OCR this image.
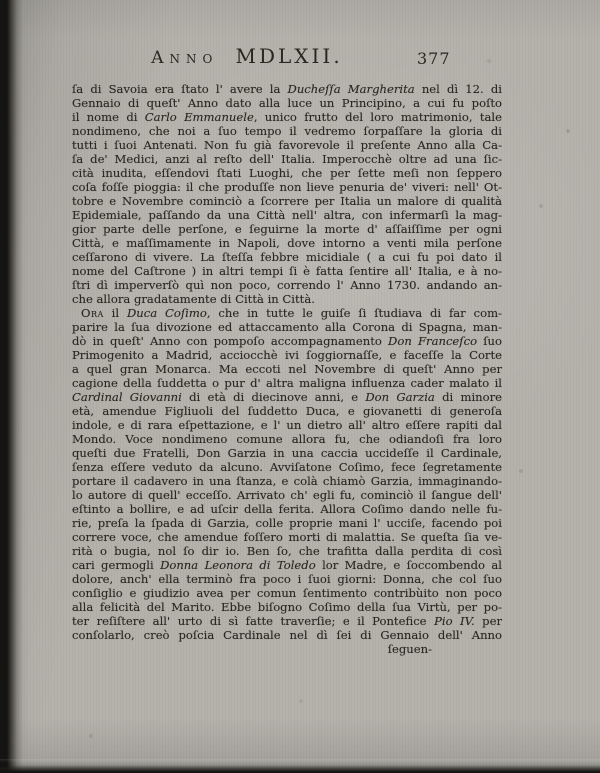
Anno MDLXII.	377
ſa di Savoia era ſtato l' avere la Ducheſſa Margherita nel dì 12. di
Gennaio di queſt' Anno dato alla luce un Principino, a cui fu poſto
il nome di Carlo Emmanuele, unico frutto del loro matrimonio, tale
nondimeno, che noi a ſuo tempo il vedremo ſorpaſſare la gloria di
tutti i ſuoi Antenati. Non fu già favorevole il preſente Anno alla Ca-
ſa de' Medici, anzi al reſto dell' Italia. Imperocchè oltre ad una ſic-
cità inudita, eſſendovi ſtati Luoghi, che per ſette meſi non ſeppero
coſa foſſe pioggia: il che produſſe non lieve penuria de' viveri: nell' Ot-
tobre e Novembre cominciò a ſcorrere per Italia un malore di qualità
Epidemiale, paſſando da una Città nell' altra, con infermarſi la mag-
gior parte delle perſone, e ſeguirne la morte d' aſſaiſſime per ogni
Città, e maſſimamente in Napoli, dove intorno a venti mila perſone
ceſſarono di vivere. La ſteſſa febbre micidiale ( a cui fu poi dato il
nome del Caſtrone ) in altri tempi ſi è fatta ſentire all' Italia, e à no-
ſtri dì imperverſò quì non poco, correndo l' Anno 1730. andando an-
che allora gradatamente di Città in Città.
Ora il Duca Coſimo, che in tutte le guiſe ſi ſtudiava di far com-
parire la ſua divozione ed attaccamento alla Corona di Spagna, man-
dò in queſt' Anno con pompoſo accompagnamento Don Franceſco ſuo
Primogenito a Madrid, acciocchè ivi ſoggiornaſſe, e faceſſe la Corte
a quel gran Monarca. Ma eccoti nel Novembre di queſt' Anno per
cagione della ſuddetta o pur d' altra maligna influenza cader malato il
Cardinal Giovanni di età di diecinove anni, e Don Garzia di minore
età, amendue Figliuoli del ſuddetto Duca, e giovanetti di generoſa
indole, e di rara eſpettazione, e l' un dietro all' altro eſſere rapiti dal
Mondo. Voce nondimeno comune allora fu, che odiandoſi fra loro
queſti due Fratelli, Don Garzia in una caccia uccideſſe il Cardinale,
ſenza eſſere veduto da alcuno. Avviſatone Coſimo, fece ſegretamente
portare il cadavero in una ſtanza, e colà chiamò Garzia, immaginando-
lo autore di quell' ecceſſo. Arrivato ch' egli fu, cominciò il ſangue dell'
eſtinto a bollire, e ad uſcir della ferita. Allora Coſimo dando nelle fu-
rie, preſa la ſpada di Garzia, colle proprie mani l' ucciſe, facendo poi
correre voce, che amendue foſſero morti di malattia. Se queſta ſia ve-
rità o bugia, nol ſo dir io. Ben ſo, che trafitta dalla perdita di così
cari germogli Donna Leonora di Toledo lor Madre, e ſoccombendo al
dolore, anch' ella terminò fra poco i ſuoi giorni: Donna, che col ſuo
conſiglio e giudizio avea per comun ſentimento contribùito non poco
alla felicità del Marito. Ebbe biſogno Coſimo della ſua Virtù, per po-
ter reſiſtere all' urto di sì fatte traverſie; e il Pontefice Pio IV. per
conſolarlo, creò poſcia Cardinale nel dì ſei di Gennaio dell' Anno
ſeguen-
